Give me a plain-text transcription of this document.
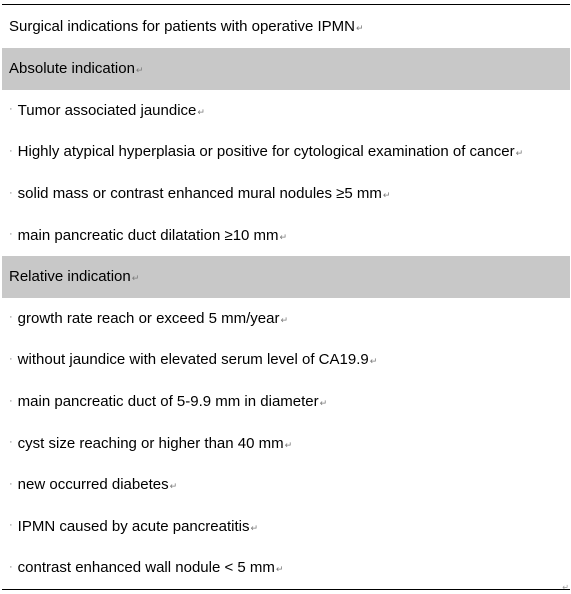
Surgical indications for patients with operative IPMN ↵
Absolute indication ↵
· Tumor associated jaundice ↵
· Highly atypical hyperplasia or positive for cytological examination of cancer ↵
· solid mass or contrast enhanced mural nodules ≥5 mm ↵
· main pancreatic duct dilatation ≥10 mm ↵
Relative indication ↵
· growth rate reach or exceed 5 mm/year ↵
· without jaundice with elevated serum level of CA19.9 ↵
· main pancreatic duct of 5-9.9 mm in diameter ↵
· cyst size reaching or higher than 40 mm ↵
· new occurred diabetes ↵
· IPMN caused by acute pancreatitis ↵
· contrast enhanced wall nodule < 5 mm ↵
↵
